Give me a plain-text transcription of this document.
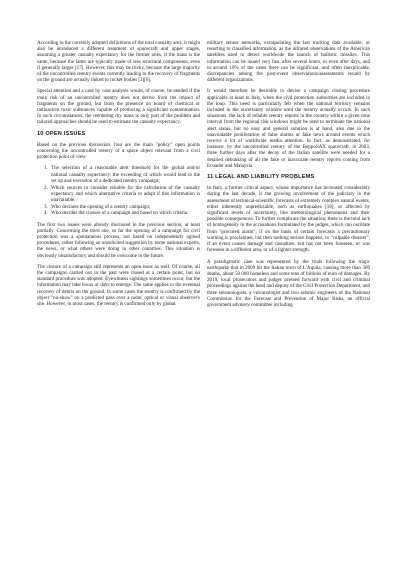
According to the currently adopted definitions of the total casualty area, it might also be introduced a different treatment of spacecraft and upper stages, assuming a greater casualty expectancy for the former ones, if the mass is the same, because the latter are typically made of less structural components, even if generally larger [17]. However, this may be tricky, because the large majority of the uncontrolled reentry events currently leading to the recovery of fragments on the ground are actually linked to rocket bodies [3][6].

Special attention and a case by case analysis would, of course, be needed if the main risk of an uncontrolled reentry does not derive from the impact of fragments on the ground, but from the presence on board of chemical or radioactive toxic substances capable of producing a significant contamination. In such circumstances, the reentering dry mass is only part of the problem and tailored approaches should be used to estimate the casualty expectancy.

10 OPEN ISSUES

Based on the previous discussion, four are the main "policy" open points concerning the uncontrolled reentry of a space object relevant from a civil protection point of view:

1. The selection of a reasonable alert threshold for the global and/or national casualty expectancy, the exceeding of which would lead to the set up and execution of a dedicated reentry campaign;
2. Which sources to consider reliable for the calculation of the casualty expectancy and which alternative criteria to adopt if this information is unavailable;
3. Who declares the opening of a reentry campaign;
4. Who decides the closure of a campaign and based on which criteria.

The first two issues were already discussed in the previous section, at least partially. Concerning the third one, so far the opening of a campaign for civil protection was a spontaneous process, not based on independently agreed procedures, rather following an unsolicited suggestion by some national experts, the news, or what others were doing in other countries. This situation is obviously unsatisfactory and should be overcome in the future.

The closure of a campaign still represents an open issue as well. Of course, all the campaigns carried out in the past were closed at a certain point, but no standard procedure was adopted. Eyewitness sightings sometimes occur, but the information may take hours or days to emerge. The same applies to the eventual recovery of debris on the ground. In some cases the reentry is confirmed by the object "no-show" on a predicted pass over a radar, optical or visual observer's site. However, in most cases, the reentry is confirmed only by global

military sensor networks, extrapolating the last tracking data available, or resorting to classified information, as the infrared observations of the American satellites used to detect worldwide the launch of ballistic missiles. This information can be issued very fast, after several hours, or even after days, and in around 10% of the cases there can be significant, and often inexplicable, discrepancies among the post-event observations/assessments issued by different organizations.

It would therefore be desirable to devise a campaign closing procedure applicable at least to Italy, when the civil protection authorities are included in the loop. This need is particularly felt when the national territory remains included in the uncertainty window until the reentry actually occurs. In such situations, the lack of reliable reentry reports in the country within a given time interval from the regional risk windows might be used to terminate the national alert status, but no easy and general solution is at hand, also due to the unavoidable proliferation of false alarms or fake news around events which receive a lot of worldwide media attention. In fact, as demonstrated, for instance, by the uncontrolled reentry of the BeppoSAX spacecraft, in 2003, three further days after the decay of the Italian satellite were needed for a detailed debunking of all the fake or inaccurate reentry reports coming from Ecuador and Malaysia.

11 LEGAL AND LIABILITY PROBLEMS

In Italy, a further critical aspect, whose importance has increased considerably during the last decade, is the growing involvement of the judiciary in the assessment of technical-scientific forecasts of extremely complex natural events, either inherently unpredictable, such as earthquakes [18], or affected by significant levels of uncertainty, like meteorological phenomena and their possible consequences. To further complicate the situation, there is the total lack of homogeneity in the accusations formulated by the judges, which can oscillate from "procured alarm", if on the basis of certain forecasts a precautionary warning is proclaimed, but then nothing serious happens, to "culpable disaster", if an event causes damage and casualties, but has not been foreseen, or was foreseen in a different area, or of a lighter strength.

A paradigmatic case was represented by the trials following the tragic earthquake that in 2009 hit the Italian town of L'Aquila, causing more than 300 deaths, about 50 000 homeless and some tens of billions of euro of damages. By 2010, local prosecutors and judges pressed forward with civil and criminal proceedings against the head and deputy of the Civil Protection Department, and three seismologists, a volcanologist and two seismic engineers of the National Commission for the Forecast and Prevention of Major Risks, an official government advisory committee including
